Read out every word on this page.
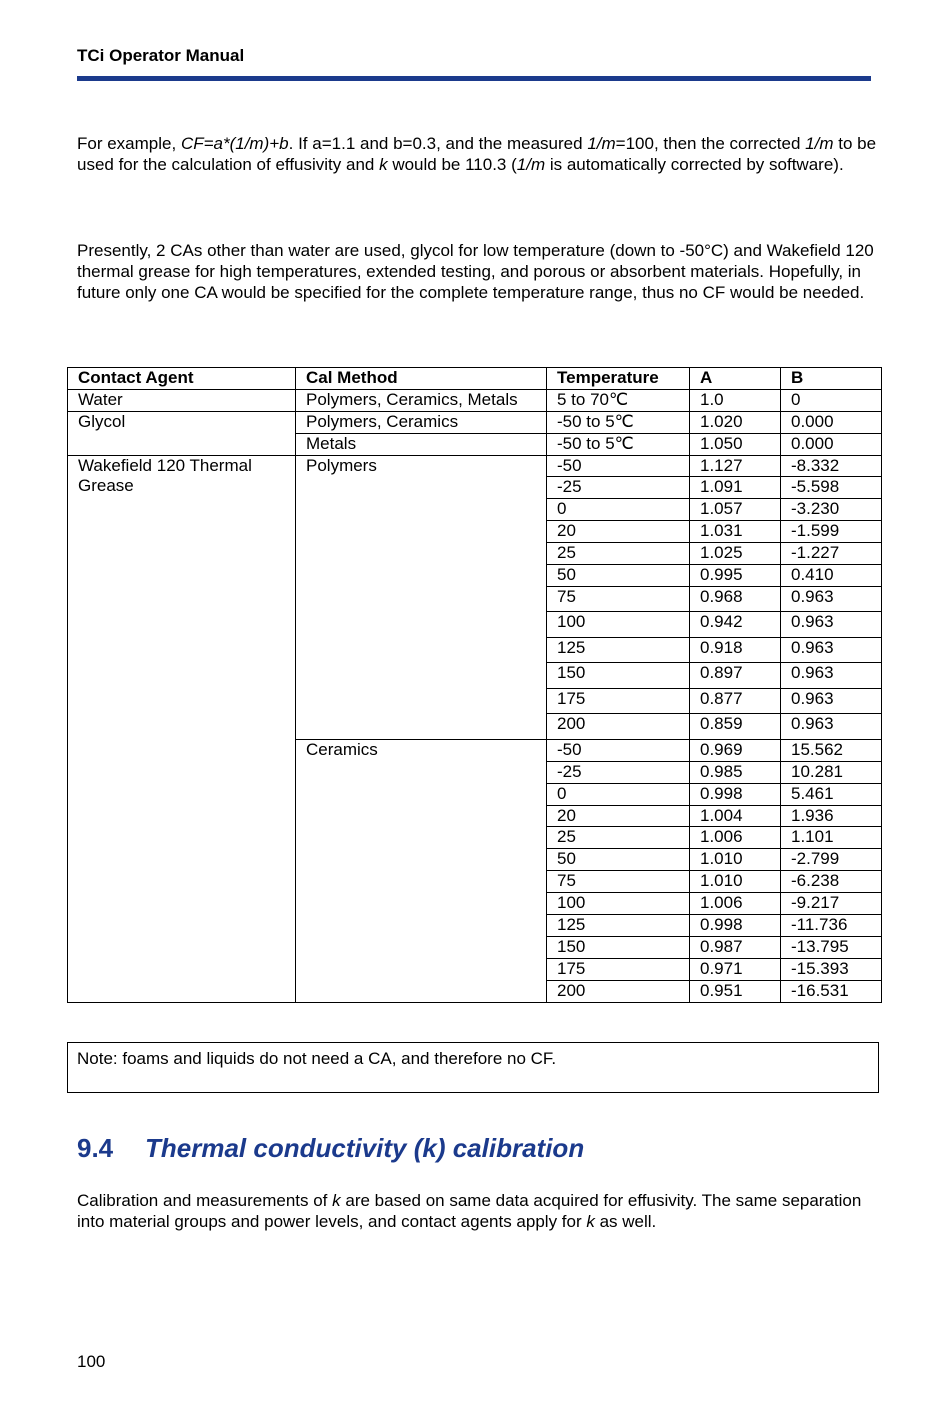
TCi Operator Manual

For example, CF=a*(1/m)+b. If a=1.1 and b=0.3, and the measured 1/m=100, then the corrected 1/m to be used for the calculation of effusivity and k would be 110.3 (1/m is automatically corrected by software).

Presently, 2 CAs other than water are used, glycol for low temperature (down to -50°C) and Wakefield 120 thermal grease for high temperatures, extended testing, and porous or absorbent materials. Hopefully, in future only one CA would be specified for the complete temperature range, thus no CF would be needed.

Contact Agent	Cal Method	Temperature	A	B
Water	Polymers, Ceramics, Metals	5 to 70℃	1.0	0
Glycol	Polymers, Ceramics	-50 to 5℃	1.020	0.000
	Metals	-50 to 5℃	1.050	0.000
Wakefield 120 Thermal Grease	Polymers	-50	1.127	-8.332
		-25	1.091	-5.598
		0	1.057	-3.230
		20	1.031	-1.599
		25	1.025	-1.227
		50	0.995	0.410
		75	0.968	0.963
		100	0.942	0.963
		125	0.918	0.963
		150	0.897	0.963
		175	0.877	0.963
		200	0.859	0.963
	Ceramics	-50	0.969	15.562
		-25	0.985	10.281
		0	0.998	5.461
		20	1.004	1.936
		25	1.006	1.101
		50	1.010	-2.799
		75	1.010	-6.238
		100	1.006	-9.217
		125	0.998	-11.736
		150	0.987	-13.795
		175	0.971	-15.393
		200	0.951	-16.531
Note: foams and liquids do not need a CA, and therefore no CF.
9.4 Thermal conductivity (k) calibration

Calibration and measurements of k are based on same data acquired for effusivity. The same separation into material groups and power levels, and contact agents apply for k as well.

100
